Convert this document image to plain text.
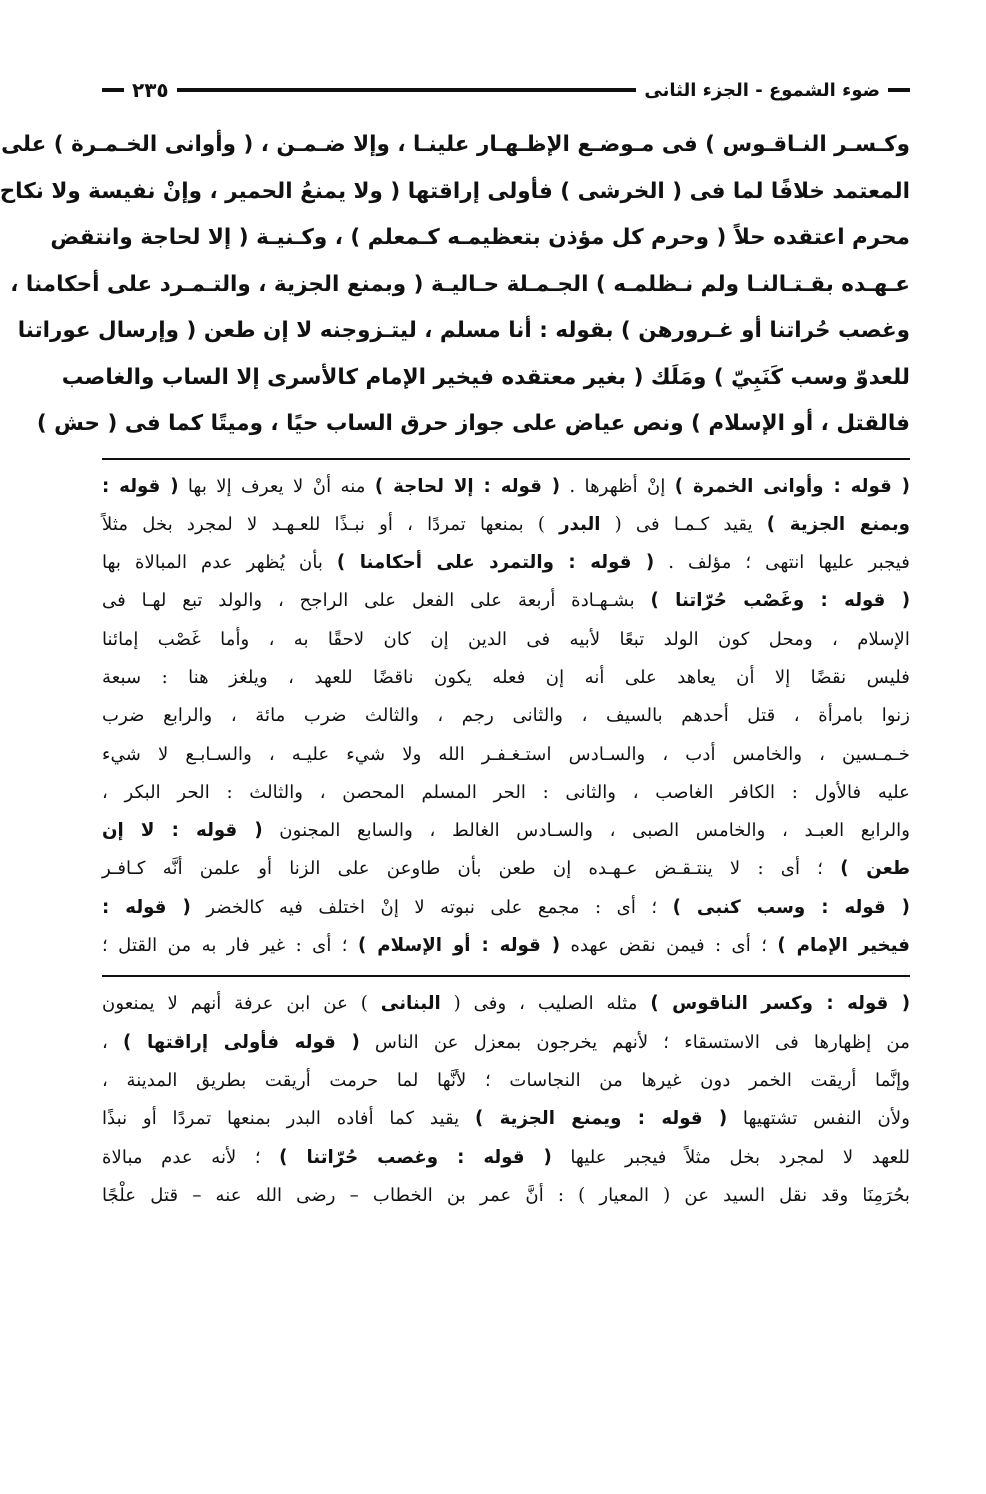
ضوء الشموع - الجزء الثانى
٢٣٥
وكـسـر النـاقـوس ) فى مـوضـع الإظـهـار علينـا ، وإلا ضـمـن ، ( وأوانى الخـمـرة ) على
المعتمد خلافًا لما فى ( الخرشى ) فأولى إراقتها ( ولا يمنعُ الحمير ، وإنْ نفيسة ولا نكاح
محرم اعتقده حلاً ( وحرم كل مؤذن بتعظيمـه كـمعلم ) ، وكـنيـة ( إلا لحاجة وانتقض
عـهـده بقـتـالنـا ولم نـظلمـه ) الجـمـلة حـاليـة ( وبمنع الجزية ، والتـمـرد على أحكامنا ،
وغصب حُراتنا أو غـرورهن ) بقوله : أنا مسلم ، ليتـزوجنه لا إن طعن ( وإرسال عوراتنا
للعدوّ وسب كَنَبِيّ ) ومَلَك ( بغير معتقده فيخير الإمام كالأسرى إلا الساب والغاصب
فالقتل ، أو الإسلام ) ونص عياض على جواز حرق الساب حيًا ، وميتًا كما فى ( حش )
( قوله : وأوانى الخمرة ) إنْ أظهرها . ( قوله : إلا لحاجة ) منه أنْ لا يعرف إلا بها ( قوله :
وبمنع الجزية ) يقيد كـمـا فى ( البدر ) بمنعها تمردًا ، أو نبـذًا للعـهـد لا لمجرد بخل مثلاً
فيجبر عليها انتهى ؛ مؤلف . ( قوله : والتمرد على أحكامنا ) بأن يُظهر عدم المبالاة بها
( قوله : وغَصْب حُرّاتنا ) بشـهـادة أربعة على الفعل على الراجح ، والولد تبع لهـا فى
الإسلام ، ومحل كون الولد تبعًا لأبيه فى الدين إن كان لاحقًا به ، وأما غَصْب إمائنا
فليس نقضًا إلا أن يعاهد على أنه إن فعله يكون ناقضًا للعهد ، ويلغز هنا : سبعة
زنوا بامرأة ، قتل أحدهم بالسيف ، والثانى رجم ، والثالث ضرب مائة ، والرابع ضرب
خـمـسين ، والخامس أدب ، والسـادس استـغـفـر الله ولا شيء عليـه ، والسـابـع لا شيء
عليه فالأول : الكافر الغاصب ، والثانى : الحر المسلم المحصن ، والثالث : الحر البكر ،
والرابع العبـد ، والخامس الصبى ، والسـادس الغالط ، والسابع المجنون ( قوله : لا إن
طعن ) ؛ أى : لا ينتـقـض عـهـده إن طعن بأن طاوعن على الزنا أو علمن أنَّه كـافـر
( قوله : وسب كنبى ) ؛ أى : مجمع على نبوته لا إنْ اختلف فيه كالخضر ( قوله :
فيخير الإمام ) ؛ أى : فيمن نقض عهده ( قوله : أو الإسلام ) ؛ أى : غير فار به من القتل ؛
( قوله : وكسر الناقوس ) مثله الصليب ، وفى ( البنانى ) عن ابن عرفة أنهم لا يمنعون
من إظهارها فى الاستسقاء ؛ لأنهم يخرجون بمعزل عن الناس ( قوله فأولى إراقتها ) ،
وإنَّما أريقت الخمر دون غيرها من النجاسات ؛ لأنَّها لما حرمت أريقت بطريق المدينة ،
ولأن النفس تشتهيها ( قوله : ويمنع الجزية ) يقيد كما أفاده البدر بمنعها تمردًا أو نبذًا
للعهد لا لمجرد بخل مثلاً فيجبر عليها ( قوله : وغصب حُرّاتنا ) ؛ لأنه عدم مبالاة
بحُرَمِنَا وقد نقل السيد عن ( المعيار ) : أنَّ عمر بن الخطاب – رضى الله عنه – قتل علْجًا
